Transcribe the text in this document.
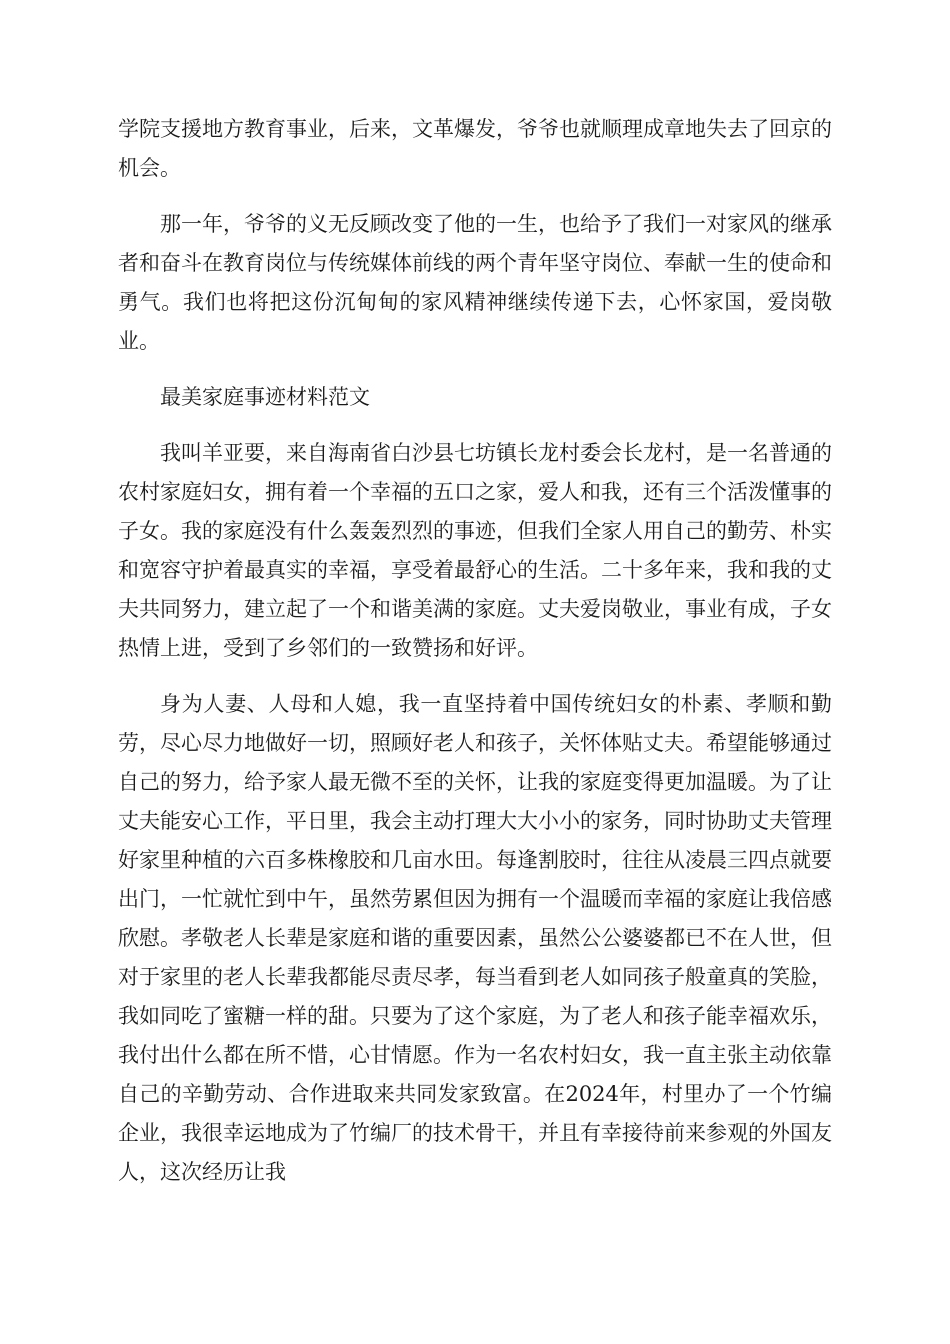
学院支援地方教育事业，后来，文革爆发，爷爷也就顺理成章地失去了回京的机会。

那一年，爷爷的义无反顾改变了他的一生，也给予了我们一对家风的继承者和奋斗在教育岗位与传统媒体前线的两个青年坚守岗位、奉献一生的使命和勇气。我们也将把这份沉甸甸的家风精神继续传递下去，心怀家国，爱岗敬业。

最美家庭事迹材料范文

我叫羊亚要，来自海南省白沙县七坊镇长龙村委会长龙村，是一名普通的农村家庭妇女，拥有着一个幸福的五口之家，爱人和我，还有三个活泼懂事的子女。我的家庭没有什么轰轰烈烈的事迹，但我们全家人用自己的勤劳、朴实和宽容守护着最真实的幸福，享受着最舒心的生活。二十多年来，我和我的丈夫共同努力，建立起了一个和谐美满的家庭。丈夫爱岗敬业，事业有成，子女热情上进，受到了乡邻们的一致赞扬和好评。

身为人妻、人母和人媳，我一直坚持着中国传统妇女的朴素、孝顺和勤劳，尽心尽力地做好一切，照顾好老人和孩子，关怀体贴丈夫。希望能够通过自己的努力，给予家人最无微不至的关怀，让我的家庭变得更加温暖。为了让丈夫能安心工作，平日里，我会主动打理大大小小的家务，同时协助丈夫管理好家里种植的六百多株橡胶和几亩水田。每逢割胶时，往往从凌晨三四点就要出门，一忙就忙到中午，虽然劳累但因为拥有一个温暖而幸福的家庭让我倍感欣慰。孝敬老人长辈是家庭和谐的重要因素，虽然公公婆婆都已不在人世，但对于家里的老人长辈我都能尽责尽孝，每当看到老人如同孩子般童真的笑脸，我如同吃了蜜糖一样的甜。只要为了这个家庭，为了老人和孩子能幸福欢乐，我付出什么都在所不惜，心甘情愿。作为一名农村妇女，我一直主张主动依靠自己的辛勤劳动、合作进取来共同发家致富。在2024年，村里办了一个竹编企业，我很幸运地成为了竹编厂的技术骨干，并且有幸接待前来参观的外国友人，这次经历让我
